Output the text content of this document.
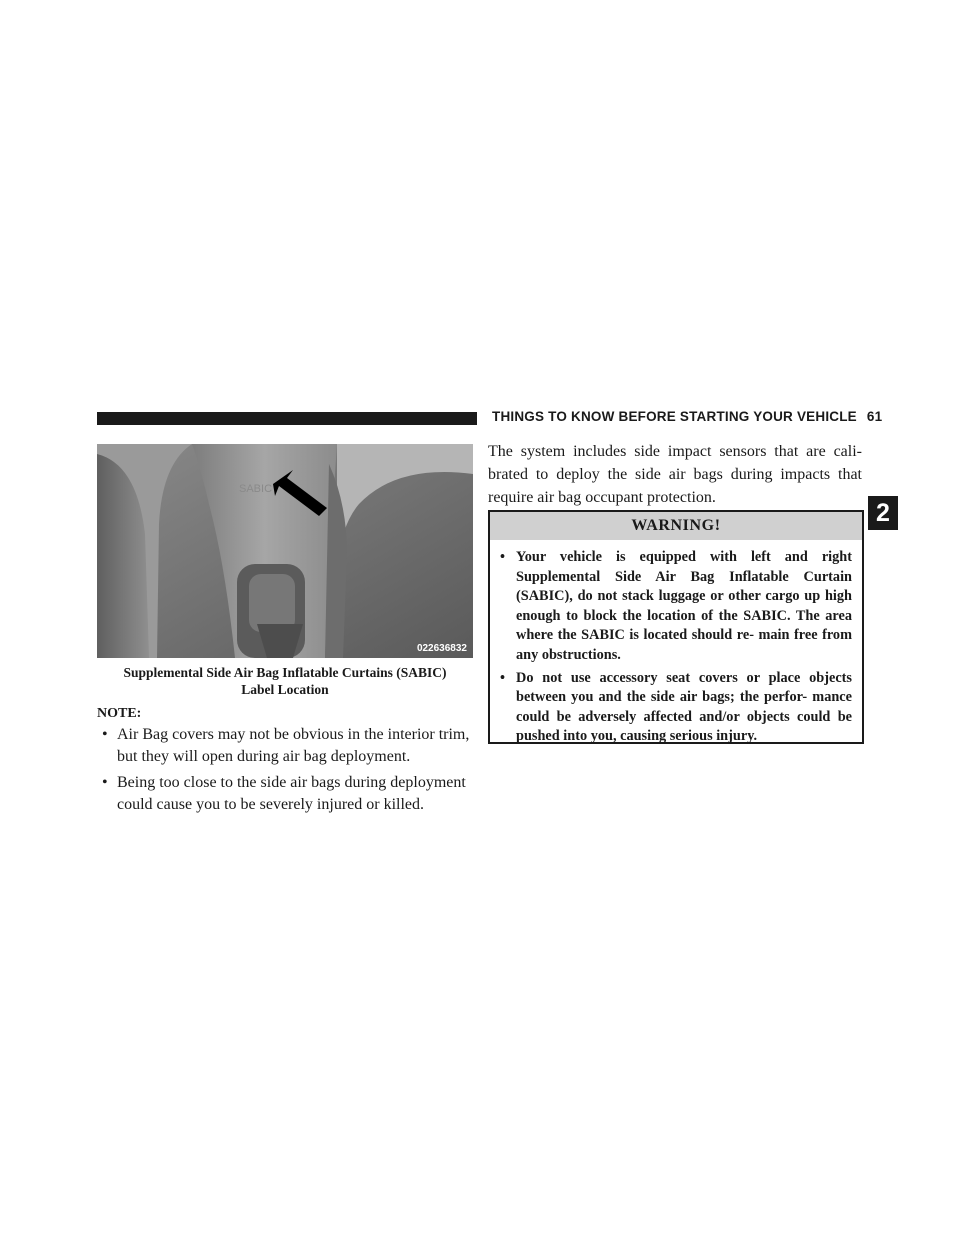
THINGS TO KNOW BEFORE STARTING YOUR VEHICLE 61
2
SABIC
022636832
Supplemental Side Air Bag Inflatable Curtains (SABIC)
Label Location
NOTE:
• Air Bag covers may not be obvious in the interior trim, but they will open during air bag deployment.
• Being too close to the side air bags during deployment could cause you to be severely injured or killed.
The system includes side impact sensors that are cali- brated to deploy the side air bags during impacts that require air bag occupant protection.
WARNING!
• Your vehicle is equipped with left and right Supplemental Side Air Bag Inflatable Curtain (SABIC), do not stack luggage or other cargo up high enough to block the location of the SABIC. The area where the SABIC is located should re- main free from any obstructions.
• Do not use accessory seat covers or place objects between you and the side air bags; the perfor- mance could be adversely affected and/or objects could be pushed into you, causing serious injury.
